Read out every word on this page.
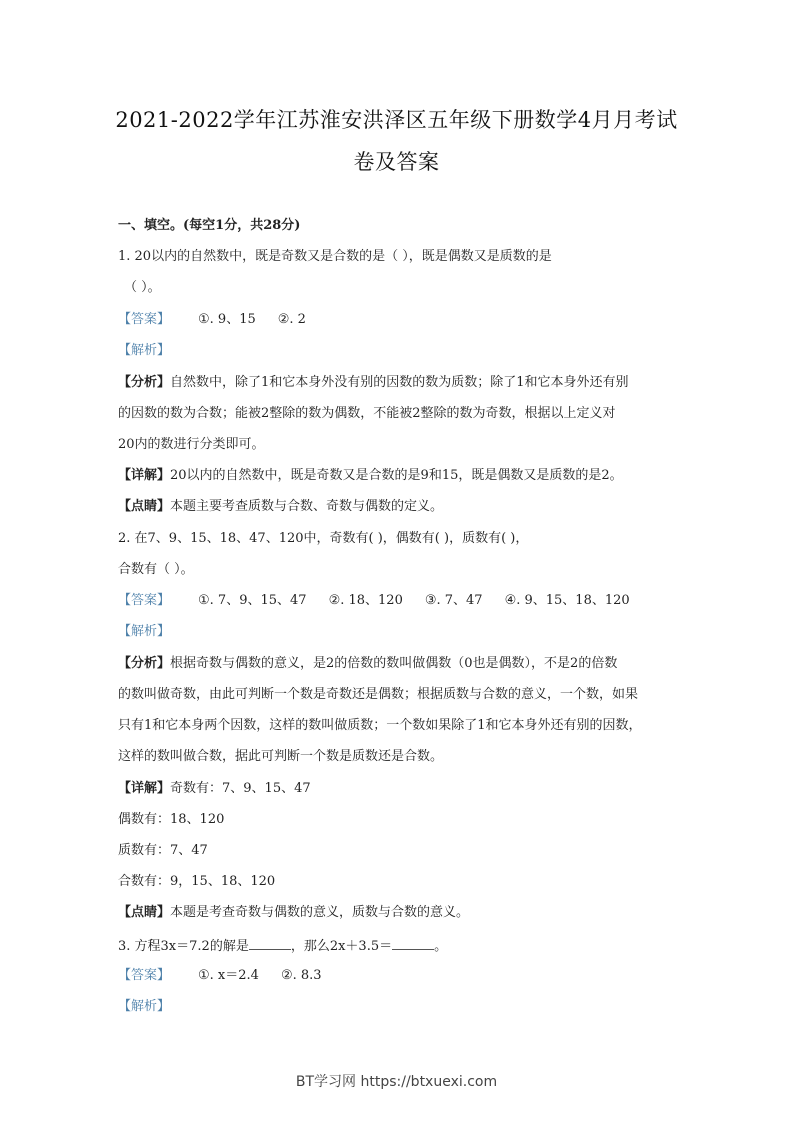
2021-2022学年江苏淮安洪泽区五年级下册数学4月月考试
卷及答案
一、填空。(每空1分，共28分)
1. 20以内的自然数中，既是奇数又是合数的是（ ），既是偶数又是质数的是
（ ）。
【答案】 ①. 9、15 ②. 2
【解析】
【分析】自然数中，除了1和它本身外没有别的因数的数为质数；除了1和它本身外还有别
的因数的数为合数；能被2整除的数为偶数，不能被2整除的数为奇数，根据以上定义对
20内的数进行分类即可。
【详解】20以内的自然数中，既是奇数又是合数的是9和15，既是偶数又是质数的是2。
【点睛】本题主要考查质数与合数、奇数与偶数的定义。
2. 在7、9、15、18、47、120中，奇数有( )，偶数有( )，质数有( )，
合数有（ ）。
【答案】 ①. 7、9、15、47 ②. 18、120 ③. 7、47 ④. 9、15、18、120
【解析】
【分析】根据奇数与偶数的意义，是2的倍数的数叫做偶数（0也是偶数），不是2的倍数
的数叫做奇数，由此可判断一个数是奇数还是偶数；根据质数与合数的意义，一个数，如果
只有1和它本身两个因数，这样的数叫做质数；一个数如果除了1和它本身外还有别的因数，
这样的数叫做合数，据此可判断一个数是质数还是合数。
【详解】奇数有：7、9、15、47
偶数有：18、120
质数有：7、47
合数有：9，15、18、120
【点睛】本题是考查奇数与偶数的意义，质数与合数的意义。
3. 方程3x＝7.2的解是	，那么2x＋3.5＝	。
【答案】 ①. x＝2.4 ②. 8.3
【解析】
BT学习网 https://btxuexi.com
